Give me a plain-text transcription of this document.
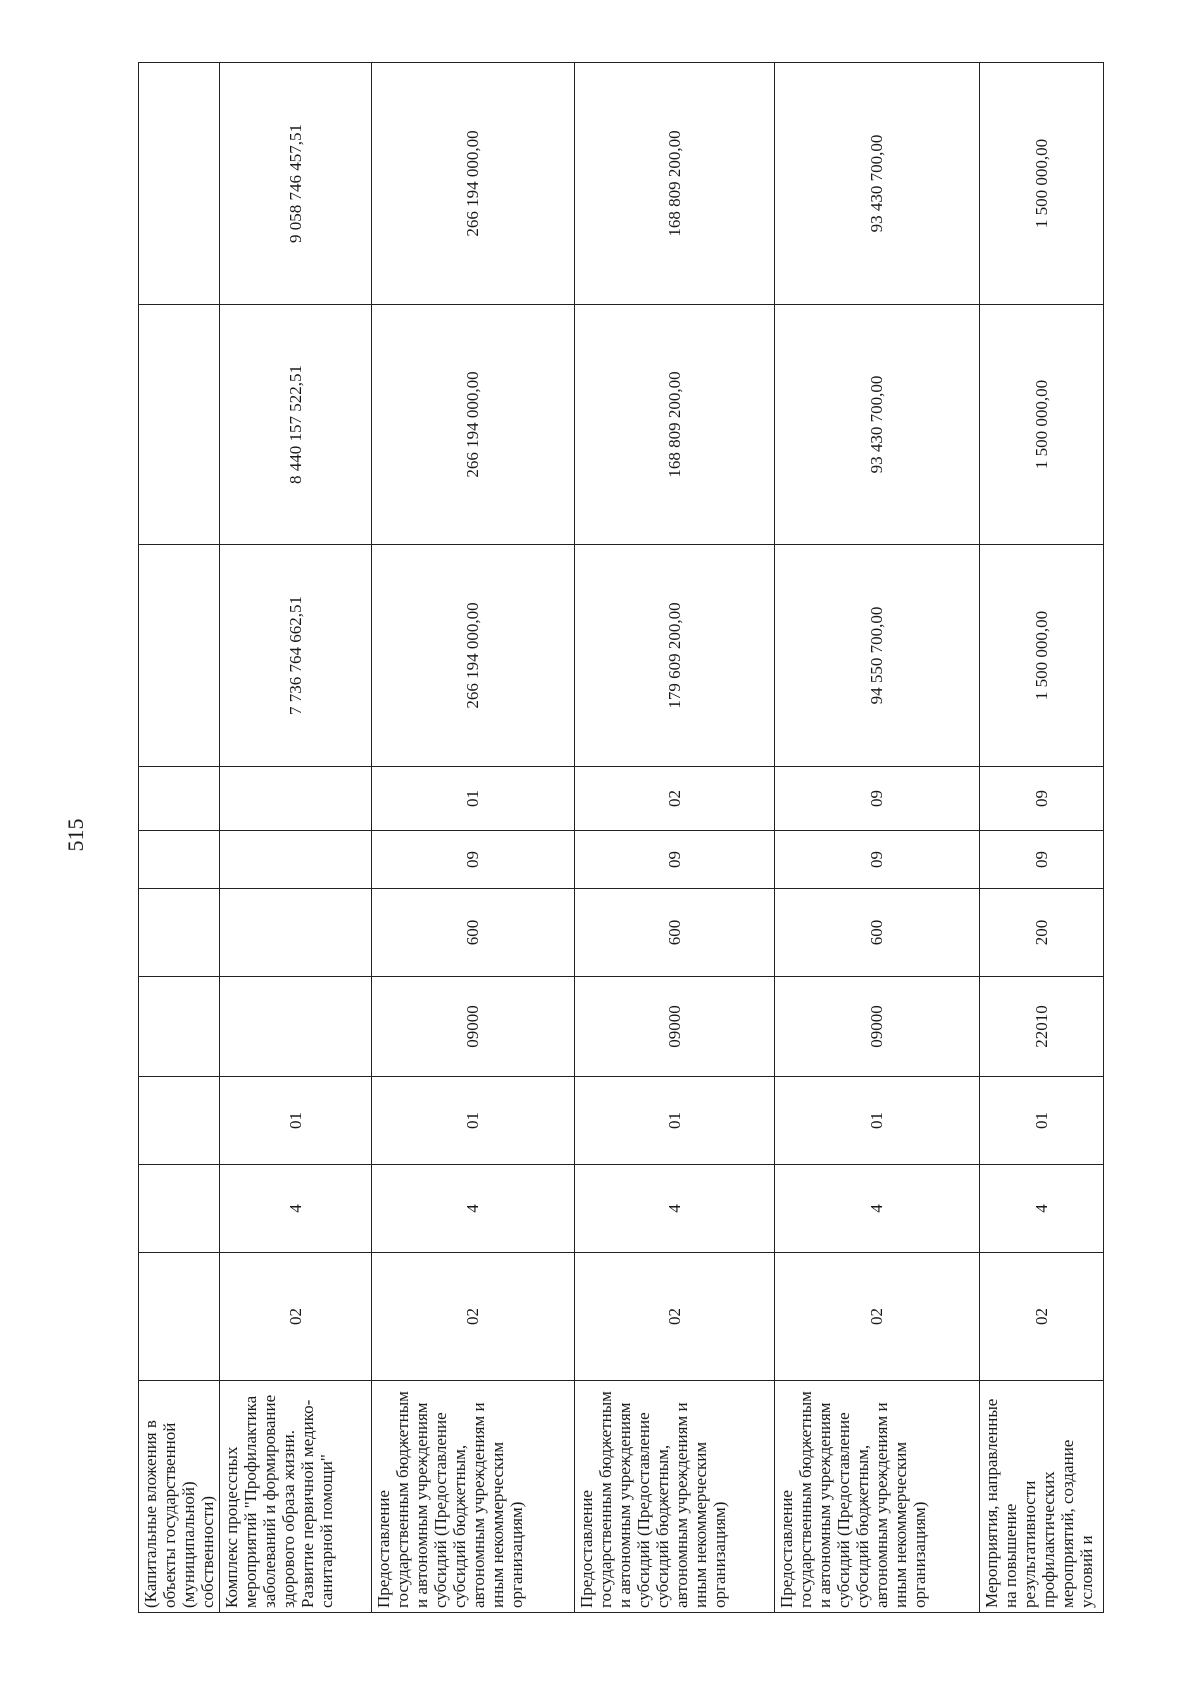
515
(Капитальные вложения в объекты государственной (муниципальной) собственности)										
Комплекс процессных мероприятий "Профилактика заболеваний и формирование здорового образа жизни. Развитие первичной медико-санитарной помощи"	02	4	01					7 736 764 662,51	8 440 157 522,51	9 058 746 457,51
Предоставление государственным бюджетным и автономным учреждениям субсидий (Предоставление субсидий бюджетным, автономным учреждениям и иным некоммерческим организациям)	02	4	01	09000	600	09	01	266 194 000,00	266 194 000,00	266 194 000,00
Предоставление государственным бюджетным и автономным учреждениям субсидий (Предоставление субсидий бюджетным, автономным учреждениям и иным некоммерческим организациям)	02	4	01	09000	600	09	02	179 609 200,00	168 809 200,00	168 809 200,00
Предоставление государственным бюджетным и автономным учреждениям субсидий (Предоставление субсидий бюджетным, автономным учреждениям и иным некоммерческим организациям)	02	4	01	09000	600	09	09	94 550 700,00	93 430 700,00	93 430 700,00
Мероприятия, направленные на повышение результативности профилактических мероприятий, создание условий и	02	4	01	22010	200	09	09	1 500 000,00	1 500 000,00	1 500 000,00
